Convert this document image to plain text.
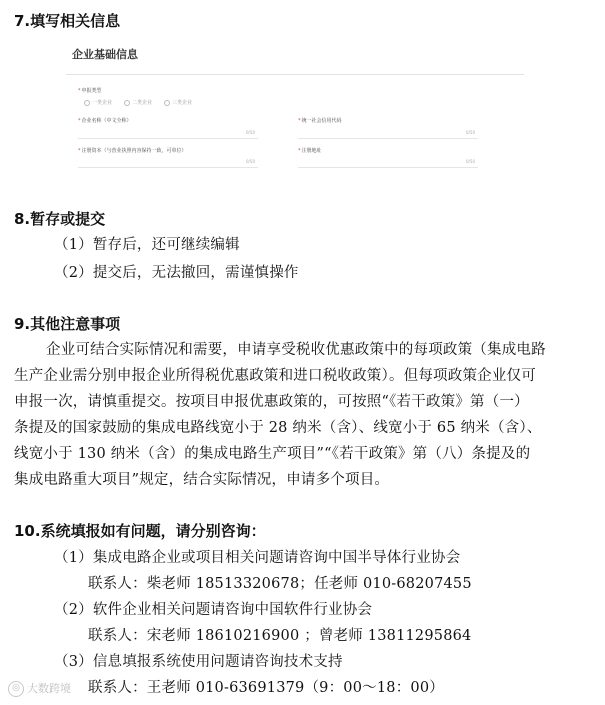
7.填写相关信息
企业基础信息
*申报类型
一类企业	二类企业	三类企业
*企业名称（中文全称）
0/50
*统一社会信用代码
0/50
*注册资本（与营业执照内容保持一致，可单位）
0/50
*注册地址
0/50
8.暂存或提交
（1）暂存后，还可继续编辑
（2）提交后，无法撤回，需谨慎操作
9.其他注意事项
企业可结合实际情况和需要，申请享受税收优惠政策中的每项政策（集成电路
生产企业需分别申报企业所得税优惠政策和进口税收政策）。但每项政策企业仅可
申报一次，请慎重提交。按项目申报优惠政策的，可按照“《若干政策》第（一）
条提及的国家鼓励的集成电路线宽小于 28 纳米（含）、线宽小于 65 纳米（含）、
线宽小于 130 纳米（含）的集成电路生产项目”“《若干政策》第（八）条提及的
集成电路重大项目”规定，结合实际情况，申请多个项目。
10.系统填报如有问题，请分别咨询：
（1）集成电路企业或项目相关问题请咨询中国半导体行业协会
联系人：柴老师 18513320678；任老师 010-68207455
（2）软件企业相关问题请咨询中国软件行业协会
联系人：宋老师 18610216900 ；曾老师 13811295864
（3）信息填报系统使用问题请咨询技术支持
联系人：王老师 010-63691379（9：00～18：00）
◎ 大数跨境
